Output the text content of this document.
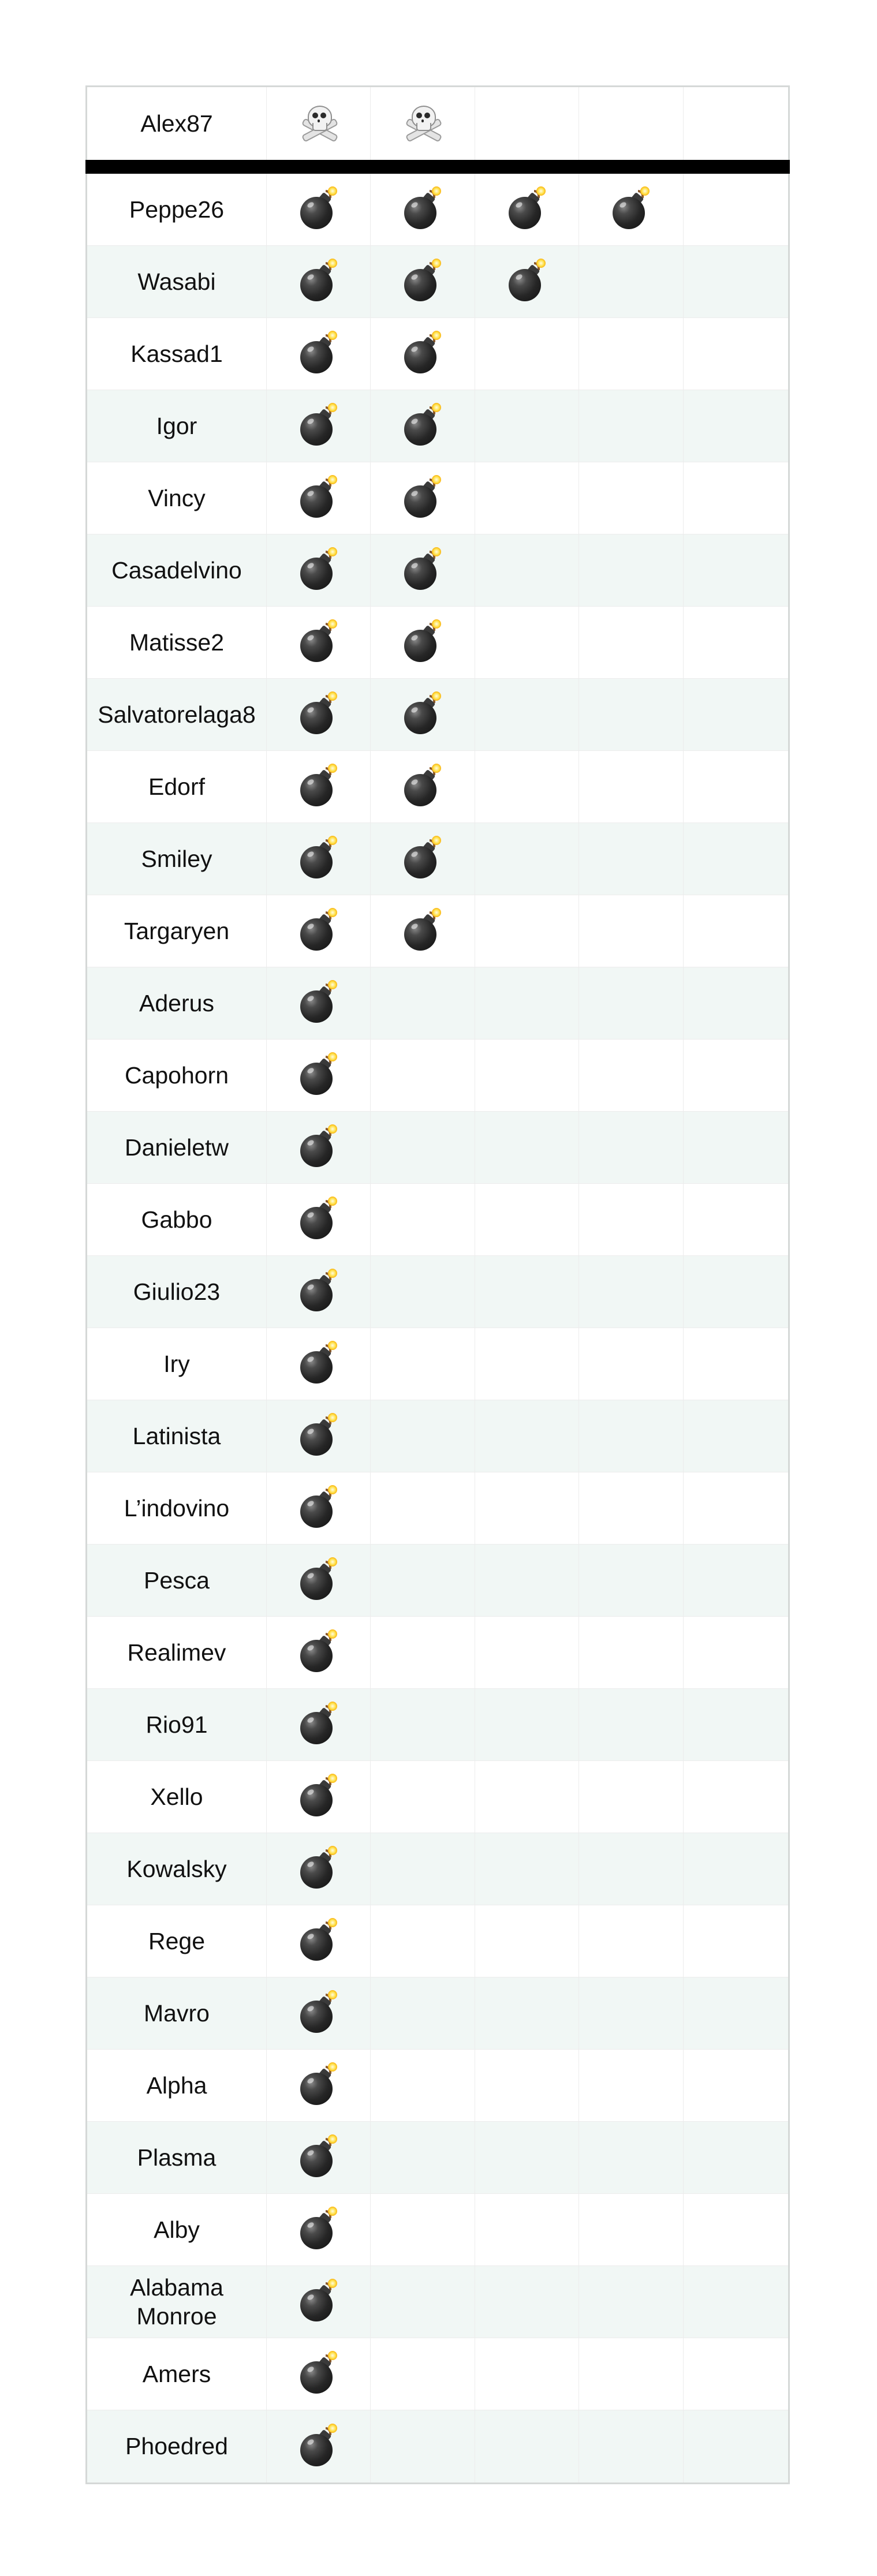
Alex87
Peppe26
Wasabi
Kassad1
Igor
Vincy
Casadelvino
Matisse2
Salvatorelaga8
Edorf
Smiley
Targaryen
Aderus
Capohorn
Danieletw
Gabbo
Giulio23
Iry
Latinista
L’indovino
Pesca
Realimev
Rio91
Xello
Kowalsky
Rege
Mavro
Alpha
Plasma
Alby
Alabama Monroe
Amers
Phoedred
